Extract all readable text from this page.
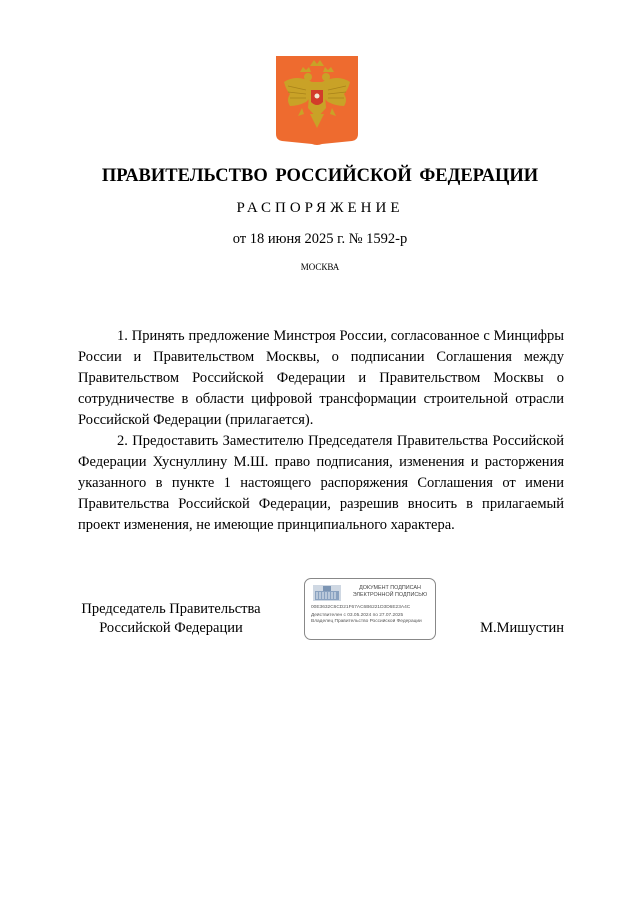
ПРАВИТЕЛЬСТВО РОССИЙСКОЙ ФЕДЕРАЦИИ
РАСПОРЯЖЕНИЕ
от 18 июня 2025 г. № 1592-р
МОСКВА

1. Принять предложение Минстроя России, согласованное с Минцифры России и Правительством Москвы, о подписании Соглашения между Правительством Российской Федерации и Правительством Москвы о сотрудничестве в области цифровой трансформации строительной отрасли Российской Федерации (прилагается).

2. Предоставить Заместителю Председателя Правительства Российской Федерации Хуснуллину М.Ш. право подписания, изменения и расторжения указанного в пункте 1 настоящего распоряжения Соглашения от имени Правительства Российской Федерации, разрешив вносить в прилагаемый проект изменения, не имеющие принципиального характера.

Председатель Правительства
Российской Федерации
ДОКУМЕНТ ПОДПИСАН
ЭЛЕКТРОННОЙ ПОДПИСЬЮ
00E3632C6CD21F67AC6B6221D3D6E23A4C
Действителен с 03.05.2024 по 27.07.2025
Владелец Правительство Российской Федерации	М.Мишустин
